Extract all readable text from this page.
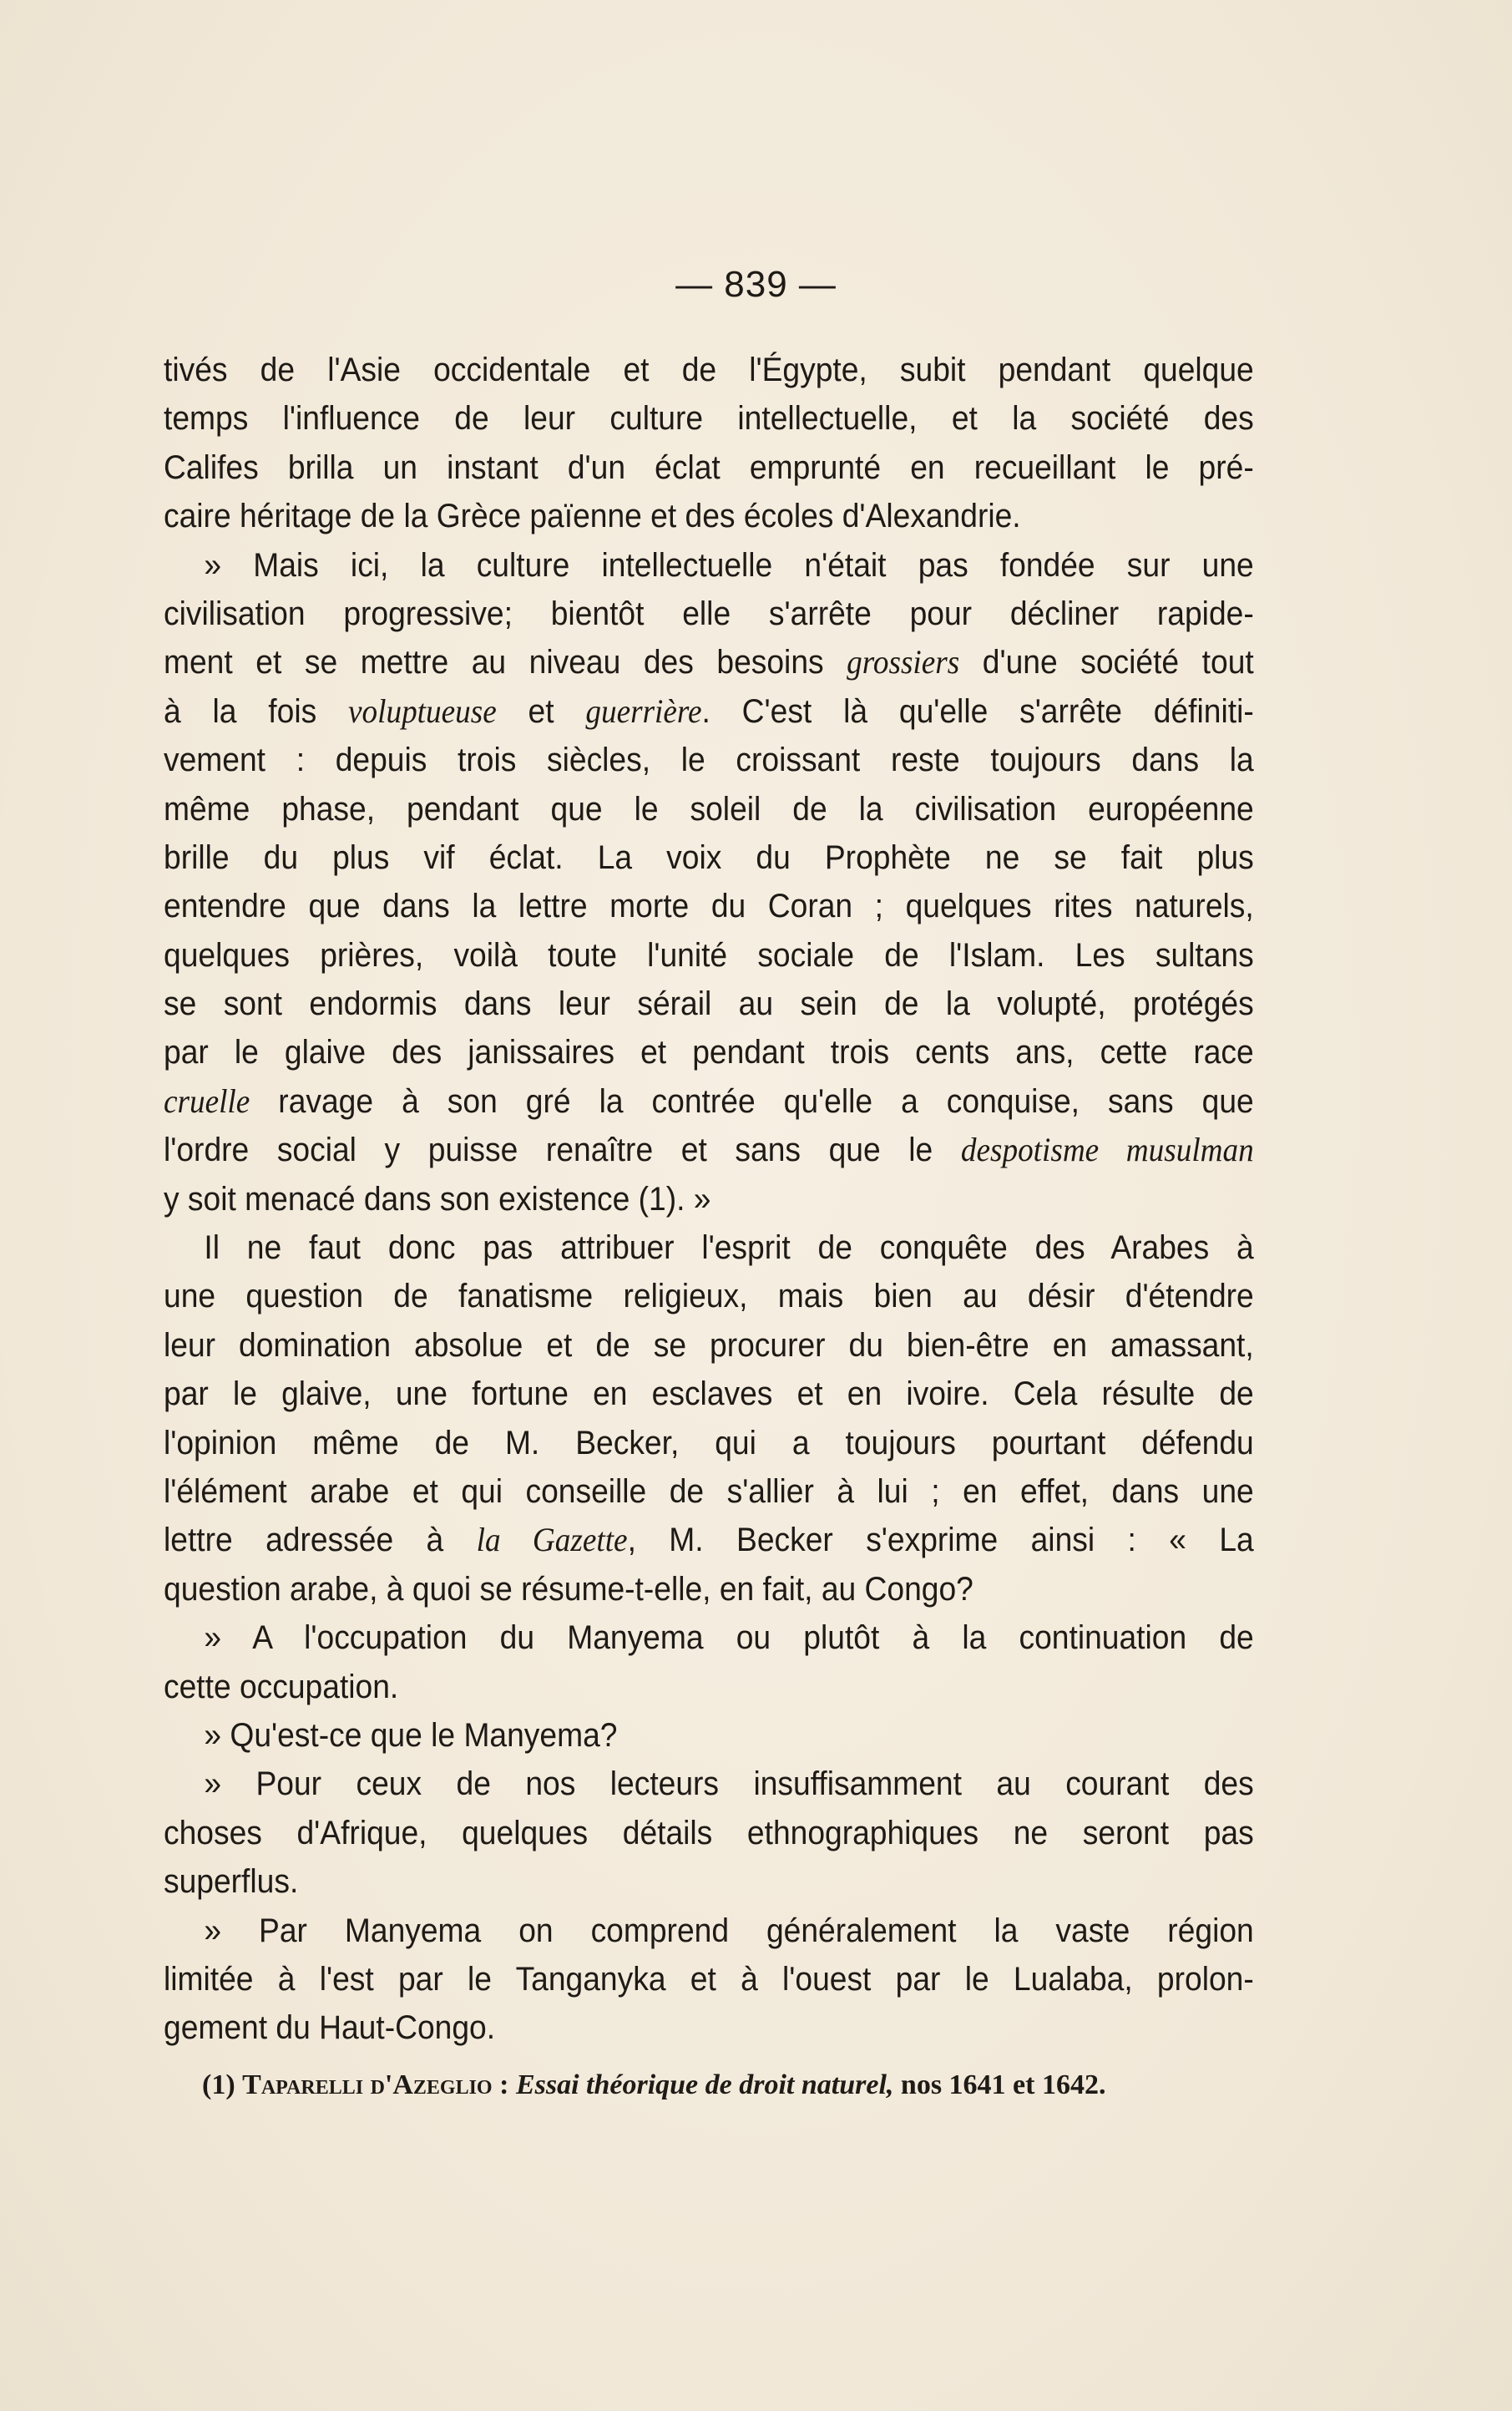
— 839 —
tivés de l'Asie occidentale et de l'Égypte, subit pendant quelque
temps l'influence de leur culture intellectuelle, et la société des
Califes brilla un instant d'un éclat emprunté en recueillant le pré-
caire héritage de la Grèce païenne et des écoles d'Alexandrie.
» Mais ici, la culture intellectuelle n'était pas fondée sur une
civilisation progressive; bientôt elle s'arrête pour décliner rapide-
ment et se mettre au niveau des besoins grossiers d'une société tout
à la fois voluptueuse et guerrière. C'est là qu'elle s'arrête définiti-
vement : depuis trois siècles, le croissant reste toujours dans la
même phase, pendant que le soleil de la civilisation européenne
brille du plus vif éclat. La voix du Prophète ne se fait plus
entendre que dans la lettre morte du Coran ; quelques rites naturels,
quelques prières, voilà toute l'unité sociale de l'Islam. Les sultans
se sont endormis dans leur sérail au sein de la volupté, protégés
par le glaive des janissaires et pendant trois cents ans, cette race
cruelle ravage à son gré la contrée qu'elle a conquise, sans que
l'ordre social y puisse renaître et sans que le despotisme musulman
y soit menacé dans son existence (1). »
Il ne faut donc pas attribuer l'esprit de conquête des Arabes à
une question de fanatisme religieux, mais bien au désir d'étendre
leur domination absolue et de se procurer du bien-être en amassant,
par le glaive, une fortune en esclaves et en ivoire. Cela résulte de
l'opinion même de M. Becker, qui a toujours pourtant défendu
l'élément arabe et qui conseille de s'allier à lui ; en effet, dans une
lettre adressée à la Gazette, M. Becker s'exprime ainsi : « La
question arabe, à quoi se résume-t-elle, en fait, au Congo?
» A l'occupation du Manyema ou plutôt à la continuation de
cette occupation.
» Qu'est-ce que le Manyema?
» Pour ceux de nos lecteurs insuffisamment au courant des
choses d'Afrique, quelques détails ethnographiques ne seront pas
superflus.
» Par Manyema on comprend généralement la vaste région
limitée à l'est par le Tanganyka et à l'ouest par le Lualaba, prolon-
gement du Haut-Congo.
(1) Taparelli d'Azeglio : Essai théorique de droit naturel, nos 1641 et 1642.
